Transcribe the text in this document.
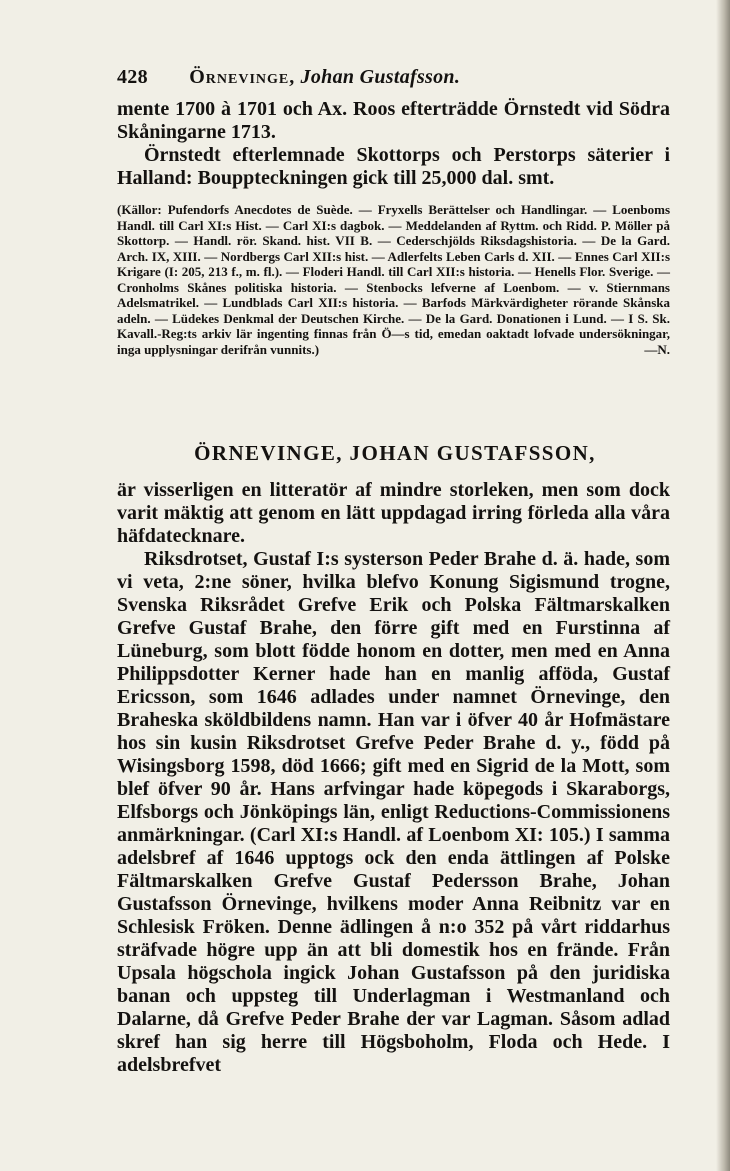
428 Örnevinge, Johan Gustafsson.

mente 1700 à 1701 och Ax. Roos efterträdde Örnstedt vid Södra Skåningarne 1713.

Örnstedt efterlemnade Skottorps och Perstorps säterier i Halland: Bouppteckningen gick till 25,000 dal. smt.

(Källor: Pufendorfs Anecdotes de Suède. — Fryxells Berättelser och Handlingar. — Loenboms Handl. till Carl XI:s Hist. — Carl XI:s dagbok. — Meddelanden af Ryttm. och Ridd. P. Möller på Skottorp. — Handl. rör. Skand. hist. VII B. — Cederschjölds Riksdagshistoria. — De la Gard. Arch. IX, XIII. — Nordbergs Carl XII:s hist. — Adlerfelts Leben Carls d. XII. — Ennes Carl XII:s Krigare (I: 205, 213 f., m. fl.). — Floderi Handl. till Carl XII:s historia. — Henells Flor. Sverige. — Cronholms Skånes politiska historia. — Stenbocks lefverne af Loenbom. — v. Stiernmans Adelsmatrikel. — Lundblads Carl XII:s historia. — Barfods Märkvärdigheter rörande Skånska adeln. — Lüdekes Denkmal der Deutschen Kirche. — De la Gard. Donationen i Lund. — I S. Sk. Kavall.-Reg:ts arkiv lär ingenting finnas från Ö—s tid, emedan oaktadt lofvade undersökningar, inga upplysningar derifrån vunnits.)	—N.
ÖRNEVINGE, JOHAN GUSTAFSSON,

är visserligen en litteratör af mindre storleken, men som dock varit mäktig att genom en lätt uppdagad irring förleda alla våra häfdatecknare.

Riksdrotset, Gustaf I:s systerson Peder Brahe d. ä. hade, som vi veta, 2:ne söner, hvilka blefvo Konung Sigismund trogne, Svenska Riksrådet Grefve Erik och Polska Fältmarskalken Grefve Gustaf Brahe, den förre gift med en Furstinna af Lüneburg, som blott födde honom en dotter, men med en Anna Philippsdotter Kerner hade han en manlig afföda, Gustaf Ericsson, som 1646 adlades under namnet Örnevinge, den Braheska sköldbildens namn. Han var i öfver 40 år Hofmästare hos sin kusin Riksdrotset Grefve Peder Brahe d. y., född på Wisingsborg 1598, död 1666; gift med en Sigrid de la Mott, som blef öfver 90 år. Hans arfvingar hade köpegods i Skaraborgs, Elfsborgs och Jönköpings län, enligt Reductions-Commissionens anmärkningar. (Carl XI:s Handl. af Loenbom XI: 105.) I samma adelsbref af 1646 upptogs ock den enda ättlingen af Polske Fältmarskalken Grefve Gustaf Pedersson Brahe, Johan Gustafsson Örnevinge, hvilkens moder Anna Reibnitz var en Schlesisk Fröken. Denne ädlingen å n:o 352 på vårt riddarhus sträfvade högre upp än att bli domestik hos en frände. Från Upsala högschola ingick Johan Gustafsson på den juridiska banan och uppsteg till Underlagman i Westmanland och Dalarne, då Grefve Peder Brahe der var Lagman. Såsom adlad skref han sig herre till Högsboholm, Floda och Hede. I adelsbrefvet
